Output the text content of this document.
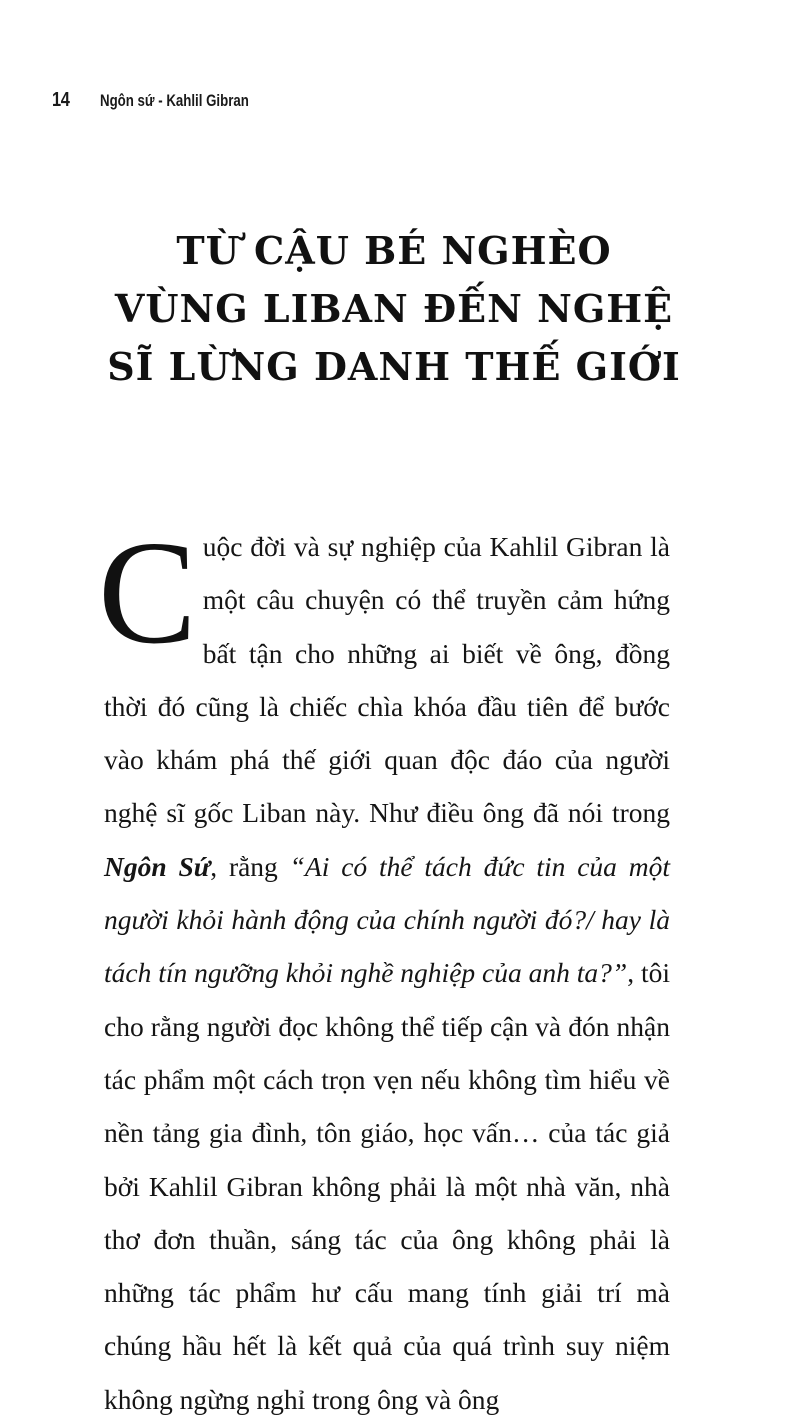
14 Ngôn sứ - Kahlil Gibran
TỪ CẬU BÉ NGHÈO
VÙNG LIBAN ĐẾN NGHỆ
SĨ LỪNG DANH THẾ GIỚI

Cuộc đời và sự nghiệp của Kahlil Gibran là một câu chuyện có thể truyền cảm hứng bất tận cho những ai biết về ông, đồng thời đó cũng là chiếc chìa khóa đầu tiên để bước vào khám phá thế giới quan độc đáo của người nghệ sĩ gốc Liban này. Như điều ông đã nói trong Ngôn Sứ, rằng “Ai có thể tách đức tin của một người khỏi hành động của chính người đó?/ hay là tách tín ngưỡng khỏi nghề nghiệp của anh ta?”, tôi cho rằng người đọc không thể tiếp cận và đón nhận tác phẩm một cách trọn vẹn nếu không tìm hiểu về nền tảng gia đình, tôn giáo, học vấn… của tác giả bởi Kahlil Gibran không phải là một nhà văn, nhà thơ đơn thuần, sáng tác của ông không phải là những tác phẩm hư cấu mang tính giải trí mà chúng hầu hết là kết quả của quá trình suy niệm không ngừng nghỉ trong ông và ông
